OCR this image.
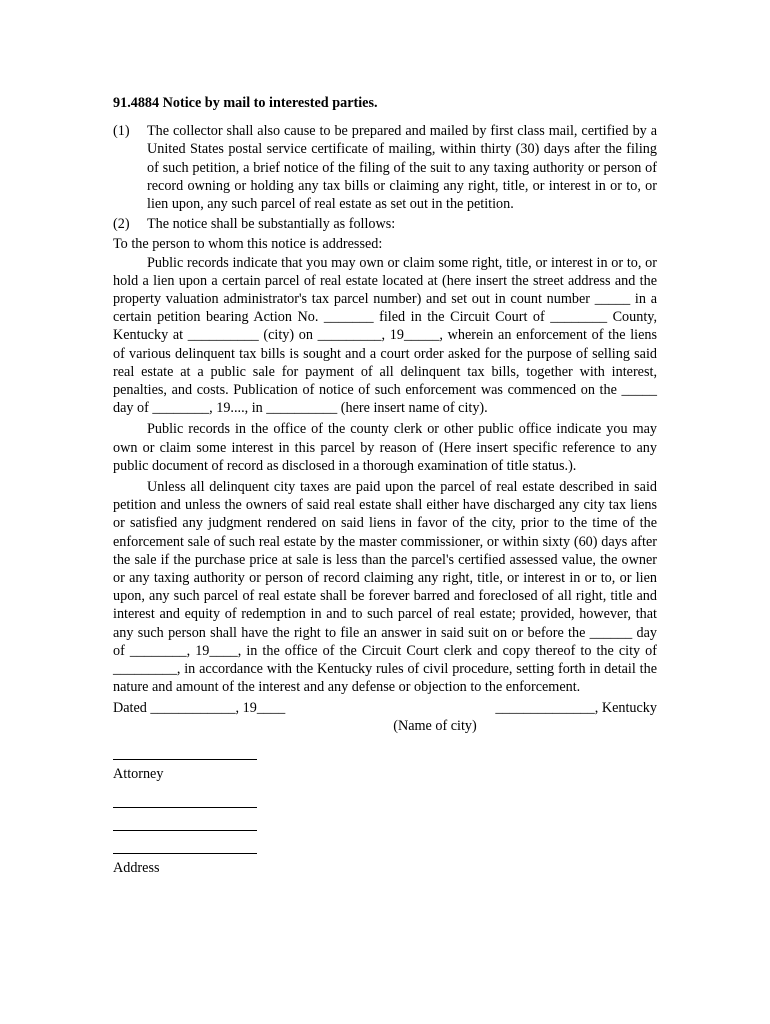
91.4884 Notice by mail to interested parties.
(1)	The collector shall also cause to be prepared and mailed by first class mail, certified by a United States postal service certificate of mailing, within thirty (30) days after the filing of such petition, a brief notice of the filing of the suit to any taxing authority or person of record owning or holding any tax bills or claiming any right, title, or interest in or to, or lien upon, any such parcel of real estate as set out in the petition.
(2)	The notice shall be substantially as follows:

To the person to whom this notice is addressed:

Public records indicate that you may own or claim some right, title, or interest in or to, or hold a lien upon a certain parcel of real estate located at (here insert the street address and the property valuation administrator's tax parcel number) and set out in count number _____ in a certain petition bearing Action No. _______ filed in the Circuit Court of ________ County, Kentucky at __________ (city) on _________, 19_____, wherein an enforcement of the liens of various delinquent tax bills is sought and a court order asked for the purpose of selling said real estate at a public sale for payment of all delinquent tax bills, together with interest, penalties, and costs. Publication of notice of such enforcement was commenced on the _____ day of ________, 19...., in __________ (here insert name of city).

Public records in the office of the county clerk or other public office indicate you may own or claim some interest in this parcel by reason of (Here insert specific reference to any public document of record as disclosed in a thorough examination of title status.).

Unless all delinquent city taxes are paid upon the parcel of real estate described in said petition and unless the owners of said real estate shall either have discharged any city tax liens or satisfied any judgment rendered on said liens in favor of the city, prior to the time of the enforcement sale of such real estate by the master commissioner, or within sixty (60) days after the sale if the purchase price at sale is less than the parcel's certified assessed value, the owner or any taxing authority or person of record claiming any right, title, or interest in or to, or lien upon, any such parcel of real estate shall be forever barred and foreclosed of all right, title and interest and equity of redemption in and to such parcel of real estate; provided, however, that any such person shall have the right to file an answer in said suit on or before the ______ day of ________, 19____, in the office of the Circuit Court clerk and copy thereof to the city of _________, in accordance with the Kentucky rules of civil procedure, setting forth in detail the nature and amount of the interest and any defense or objection to the enforcement.

Dated ____________, 19____	______________, Kentucky
(Name of city)
Attorney
Address
